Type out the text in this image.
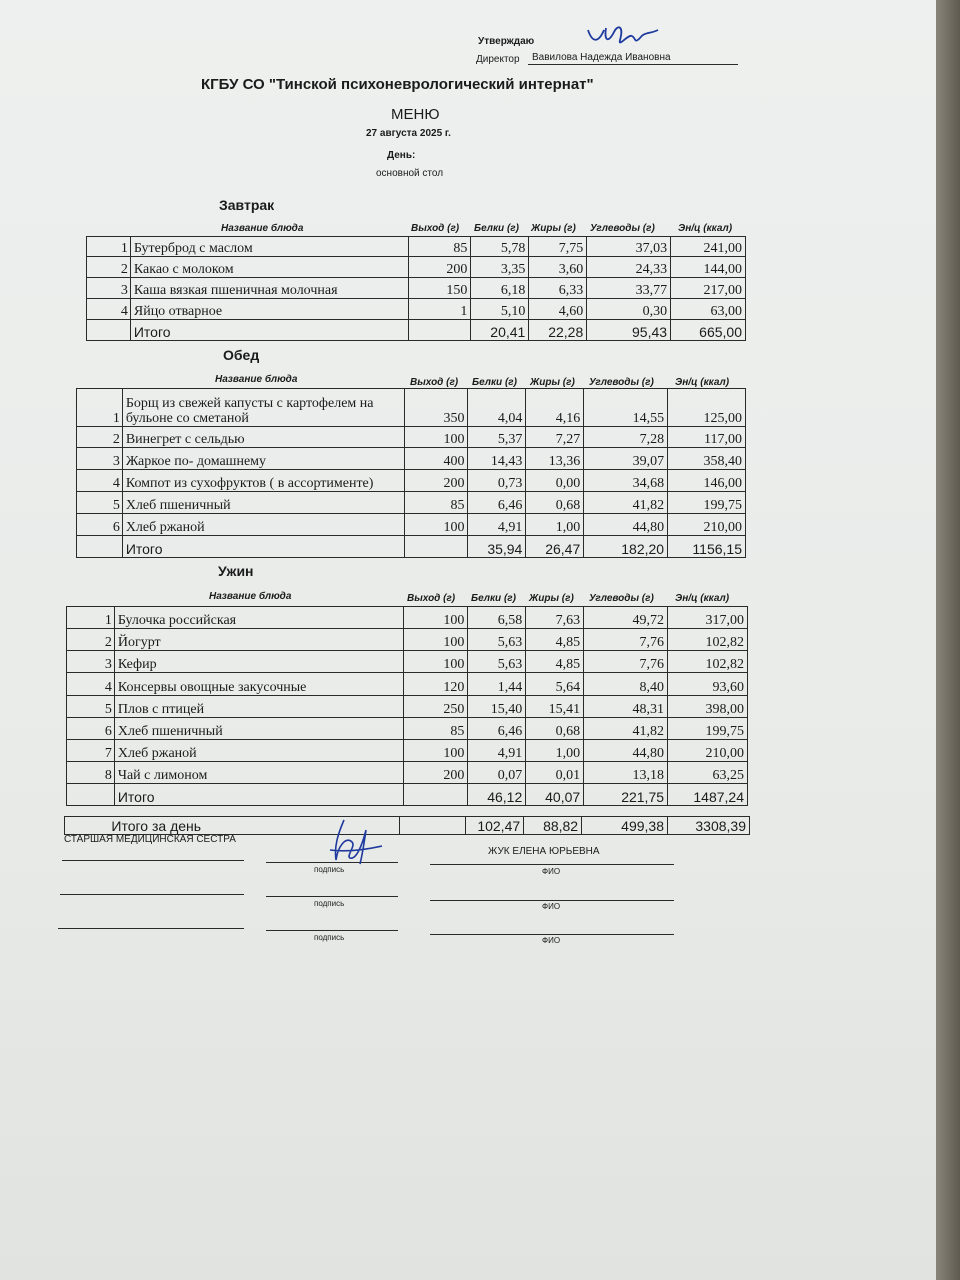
Утверждаю
Директор Вавилова Надежда Ивановна
КГБУ СО "Тинской психоневрологический интернат"
МЕНЮ
27 августа 2025 г.
День:
основной стол
Завтрак
Название блюда	Выход (г) Белки (г) Жиры (г) Углеводы (г) Эн/ц (ккал)
1	Бутерброд с маслом	85	5,78	7,75	37,03	241,00
2	Какао с молоком	200	3,35	3,60	24,33	144,00
3	Каша вязкая пшеничная молочная	150	6,18	6,33	33,77	217,00
4	Яйцо отварное	1	5,10	4,60	0,30	63,00
	Итого		20,41	22,28	95,43	665,00
Обед
Название блюда	Выход (г) Белки (г) Жиры (г) Углеводы (г) Эн/ц (ккал)
1	Борщ из свежей капусты с картофелем на бульоне со сметаной	350	4,04	4,16	14,55	125,00
2	Винегрет с сельдью	100	5,37	7,27	7,28	117,00
3	Жаркое по- домашнему	400	14,43	13,36	39,07	358,40
4	Компот из сухофруктов ( в ассортименте)	200	0,73	0,00	34,68	146,00
5	Хлеб пшеничный	85	6,46	0,68	41,82	199,75
6	Хлеб ржаной	100	4,91	1,00	44,80	210,00
	Итого		35,94	26,47	182,20	1156,15
Ужин
Название блюда	Выход (г) Белки (г) Жиры (г) Углеводы (г) Эн/ц (ккал)
1	Булочка российская	100	6,58	7,63	49,72	317,00
2	Йогурт	100	5,63	4,85	7,76	102,82
3	Кефир	100	5,63	4,85	7,76	102,82
4	Консервы овощные закусочные	120	1,44	5,64	8,40	93,60
5	Плов с птицей	250	15,40	15,41	48,31	398,00
6	Хлеб пшеничный	85	6,46	0,68	41,82	199,75
7	Хлеб ржаной	100	4,91	1,00	44,80	210,00
8	Чай с лимоном	200	0,07	0,01	13,18	63,25
	Итого		46,12	40,07	221,75	1487,24
	Итого за день		102,47	88,82	499,38	3308,39
СТАРШАЯ МЕДИЦИНСКАЯ СЕСТРА
ЖУК ЕЛЕНА ЮРЬЕВНА
подпись	ФИО
подпись	ФИО
подпись	ФИО
